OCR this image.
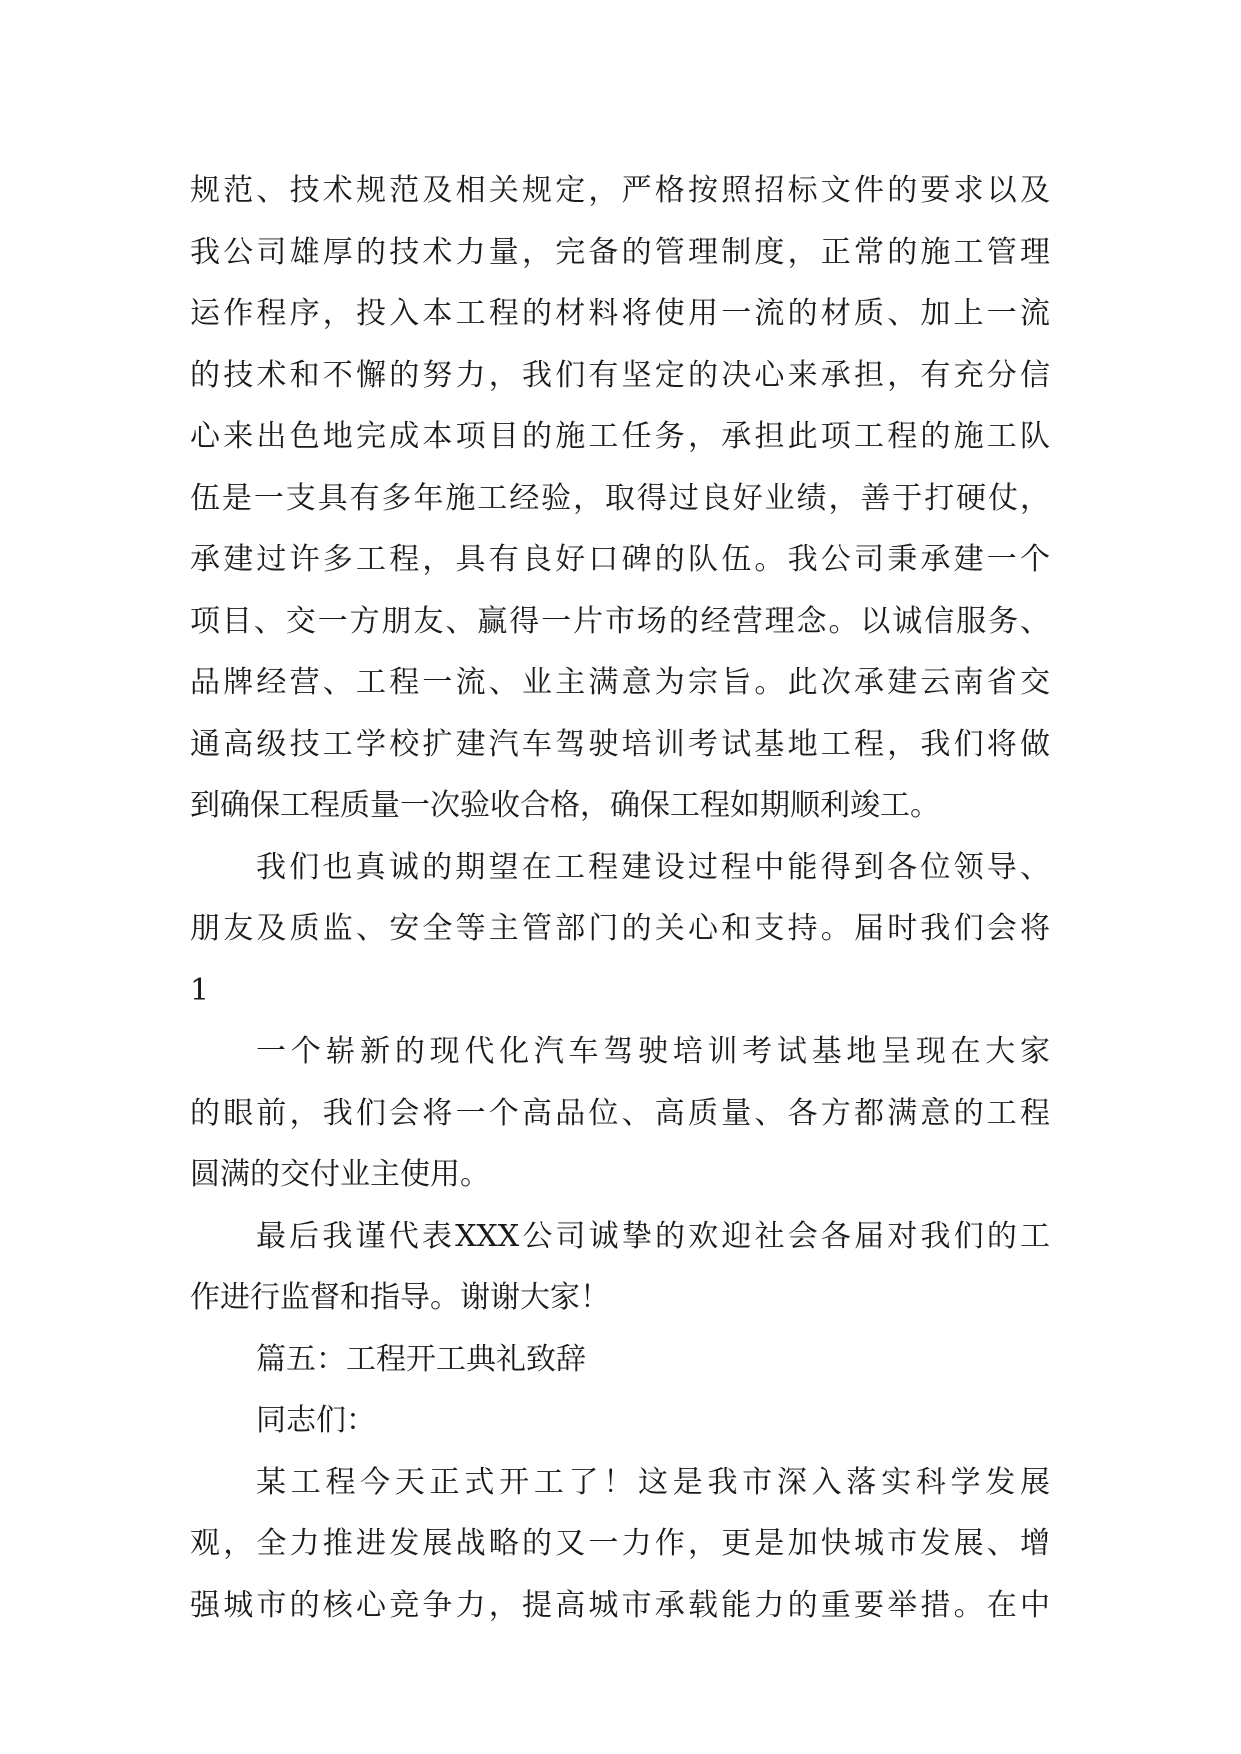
规范、技术规范及相关规定，严格按照招标文件的要求以及
我公司雄厚的技术力量，完备的管理制度，正常的施工管理
运作程序，投入本工程的材料将使用一流的材质、加上一流
的技术和不懈的努力，我们有坚定的决心来承担，有充分信
心来出色地完成本项目的施工任务，承担此项工程的施工队
伍是一支具有多年施工经验，取得过良好业绩，善于打硬仗，
承建过许多工程，具有良好口碑的队伍。我公司秉承建一个
项目、交一方朋友、赢得一片市场的经营理念。以诚信服务、
品牌经营、工程一流、业主满意为宗旨。此次承建云南省交
通高级技工学校扩建汽车驾驶培训考试基地工程，我们将做
到确保工程质量一次验收合格，确保工程如期顺利竣工。
我们也真诚的期望在工程建设过程中能得到各位领导、
朋友及质监、安全等主管部门的关心和支持。届时我们会将
1
一个崭新的现代化汽车驾驶培训考试基地呈现在大家
的眼前，我们会将一个高品位、高质量、各方都满意的工程
圆满的交付业主使用。
最后我谨代表XXX公司诚挚的欢迎社会各届对我们的工
作进行监督和指导。谢谢大家！
篇五：工程开工典礼致辞
同志们：
某工程今天正式开工了！这是我市深入落实科学发展
观，全力推进发展战略的又一力作，更是加快城市发展、增
强城市的核心竞争力，提高城市承载能力的重要举措。在中
